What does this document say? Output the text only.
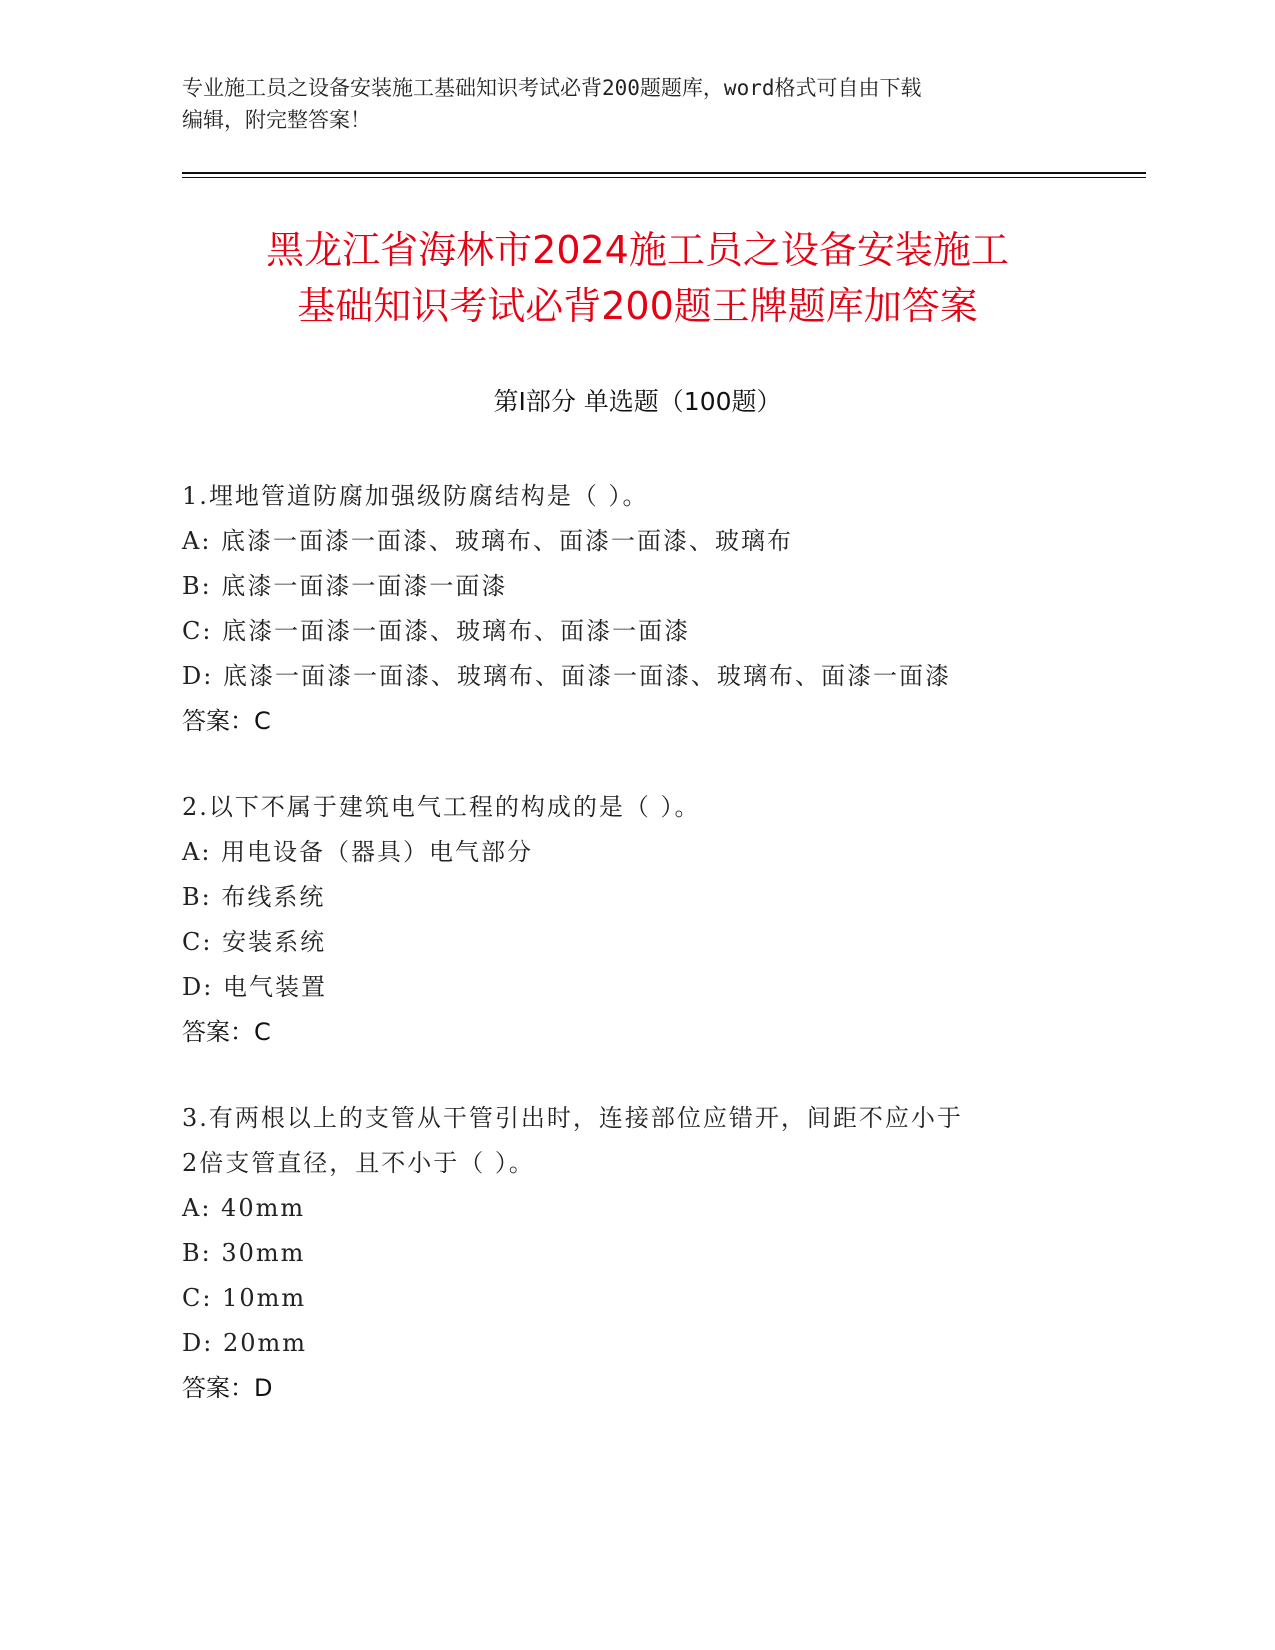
专业施工员之设备安装施工基础知识考试必背200题题库，word格式可自由下载
编辑，附完整答案！
黑龙江省海林市2024施工员之设备安装施工
基础知识考试必背200题王牌题库加答案
第Ⅰ部分 单选题（100题）
1.埋地管道防腐加强级防腐结构是（ ）。
A: 底漆一面漆一面漆、玻璃布、面漆一面漆、玻璃布
B: 底漆一面漆一面漆一面漆
C: 底漆一面漆一面漆、玻璃布、面漆一面漆
D: 底漆一面漆一面漆、玻璃布、面漆一面漆、玻璃布、面漆一面漆
答案：C
2.以下不属于建筑电气工程的构成的是（ ）。
A: 用电设备（器具）电气部分
B: 布线系统
C: 安装系统
D: 电气装置
答案：C
3.有两根以上的支管从干管引出时，连接部位应错开，间距不应小于
2倍支管直径，且不小于（ ）。
A: 40mm
B: 30mm
C: 10mm
D: 20mm
答案：D
